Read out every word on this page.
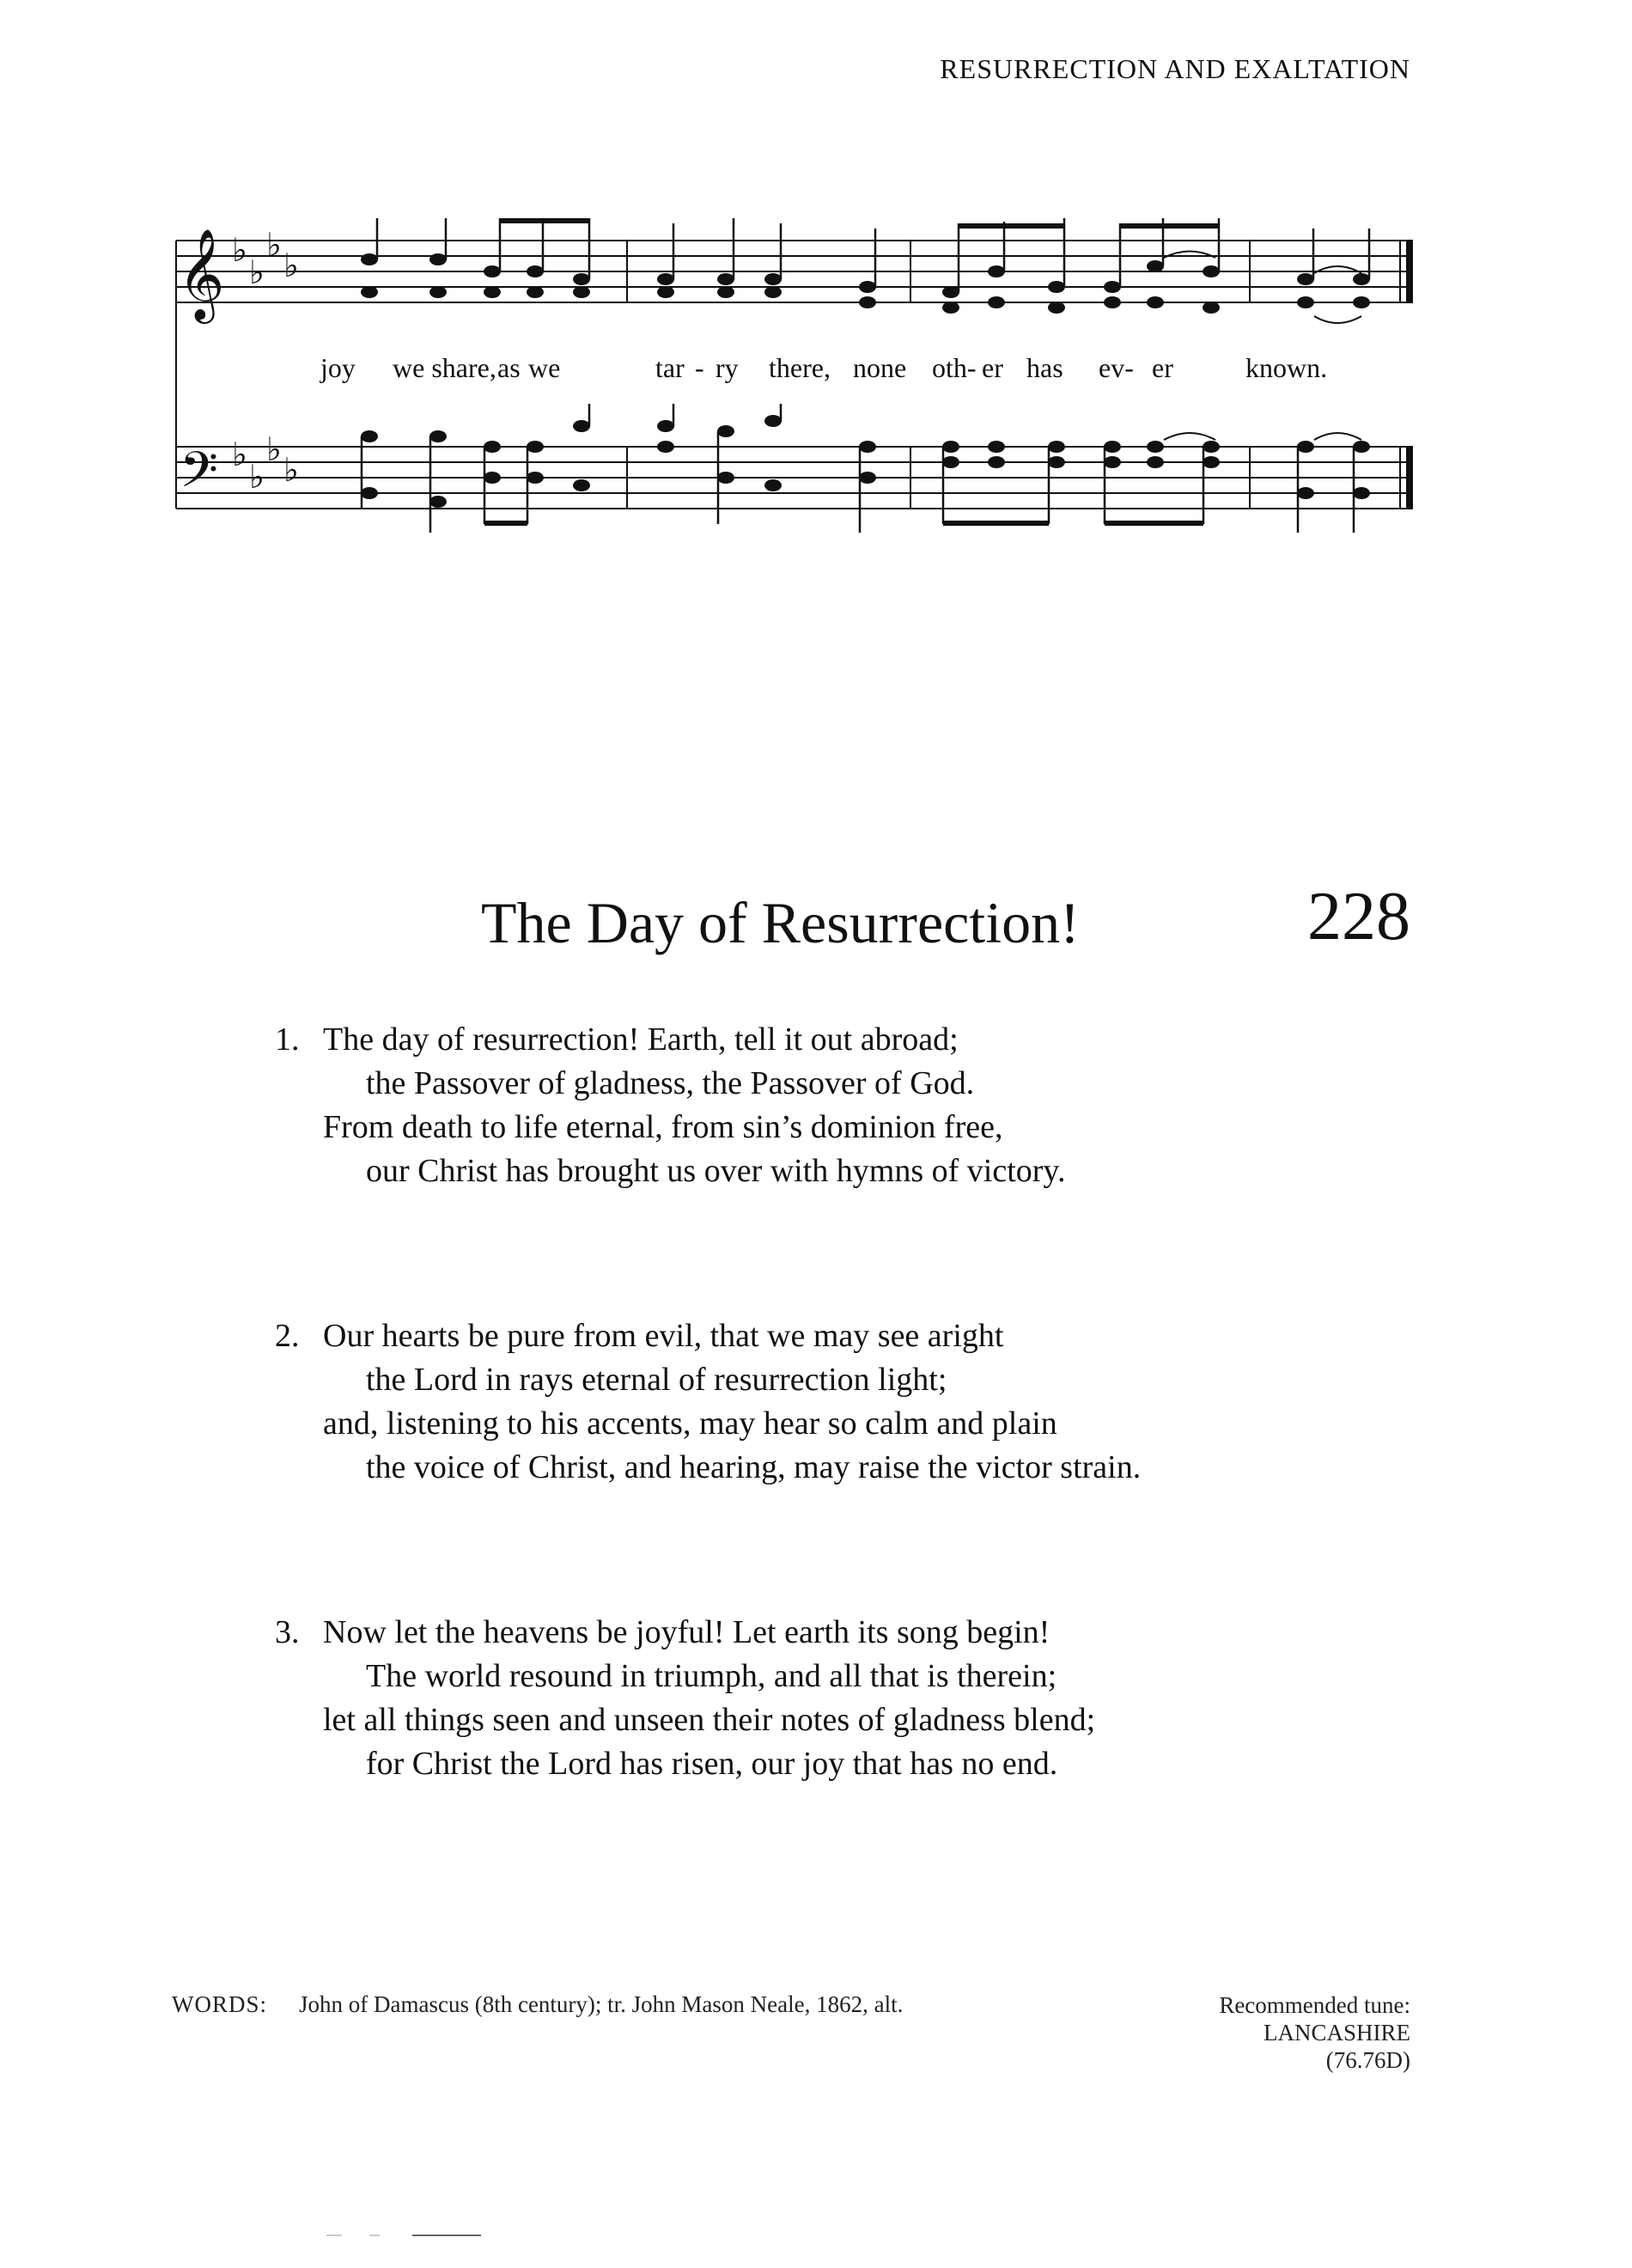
RESURRECTION AND EXALTATION
𝄞
𝄢
♭
♭
♭
♭
♭
♭
♭
♭
joy we share, as we	tar - ry there, none oth- er has ev- er	known.
The Day of Resurrection!	228
1. The day of resurrection! Earth, tell it out abroad;
the Passover of gladness, the Passover of God.
From death to life eternal, from sin’s dominion free,
our Christ has brought us over with hymns of victory.
2. Our hearts be pure from evil, that we may see aright
the Lord in rays eternal of resurrection light;
and, listening to his accents, may hear so calm and plain
the voice of Christ, and hearing, may raise the victor strain.
3. Now let the heavens be joyful! Let earth its song begin!
The world resound in triumph, and all that is therein;
let all things seen and unseen their notes of gladness blend;
for Christ the Lord has risen, our joy that has no end.
WORDS: John of Damascus (8th century); tr. John Mason Neale, 1862, alt.	Recommended tune:
LANCASHIRE
(76.76D)
